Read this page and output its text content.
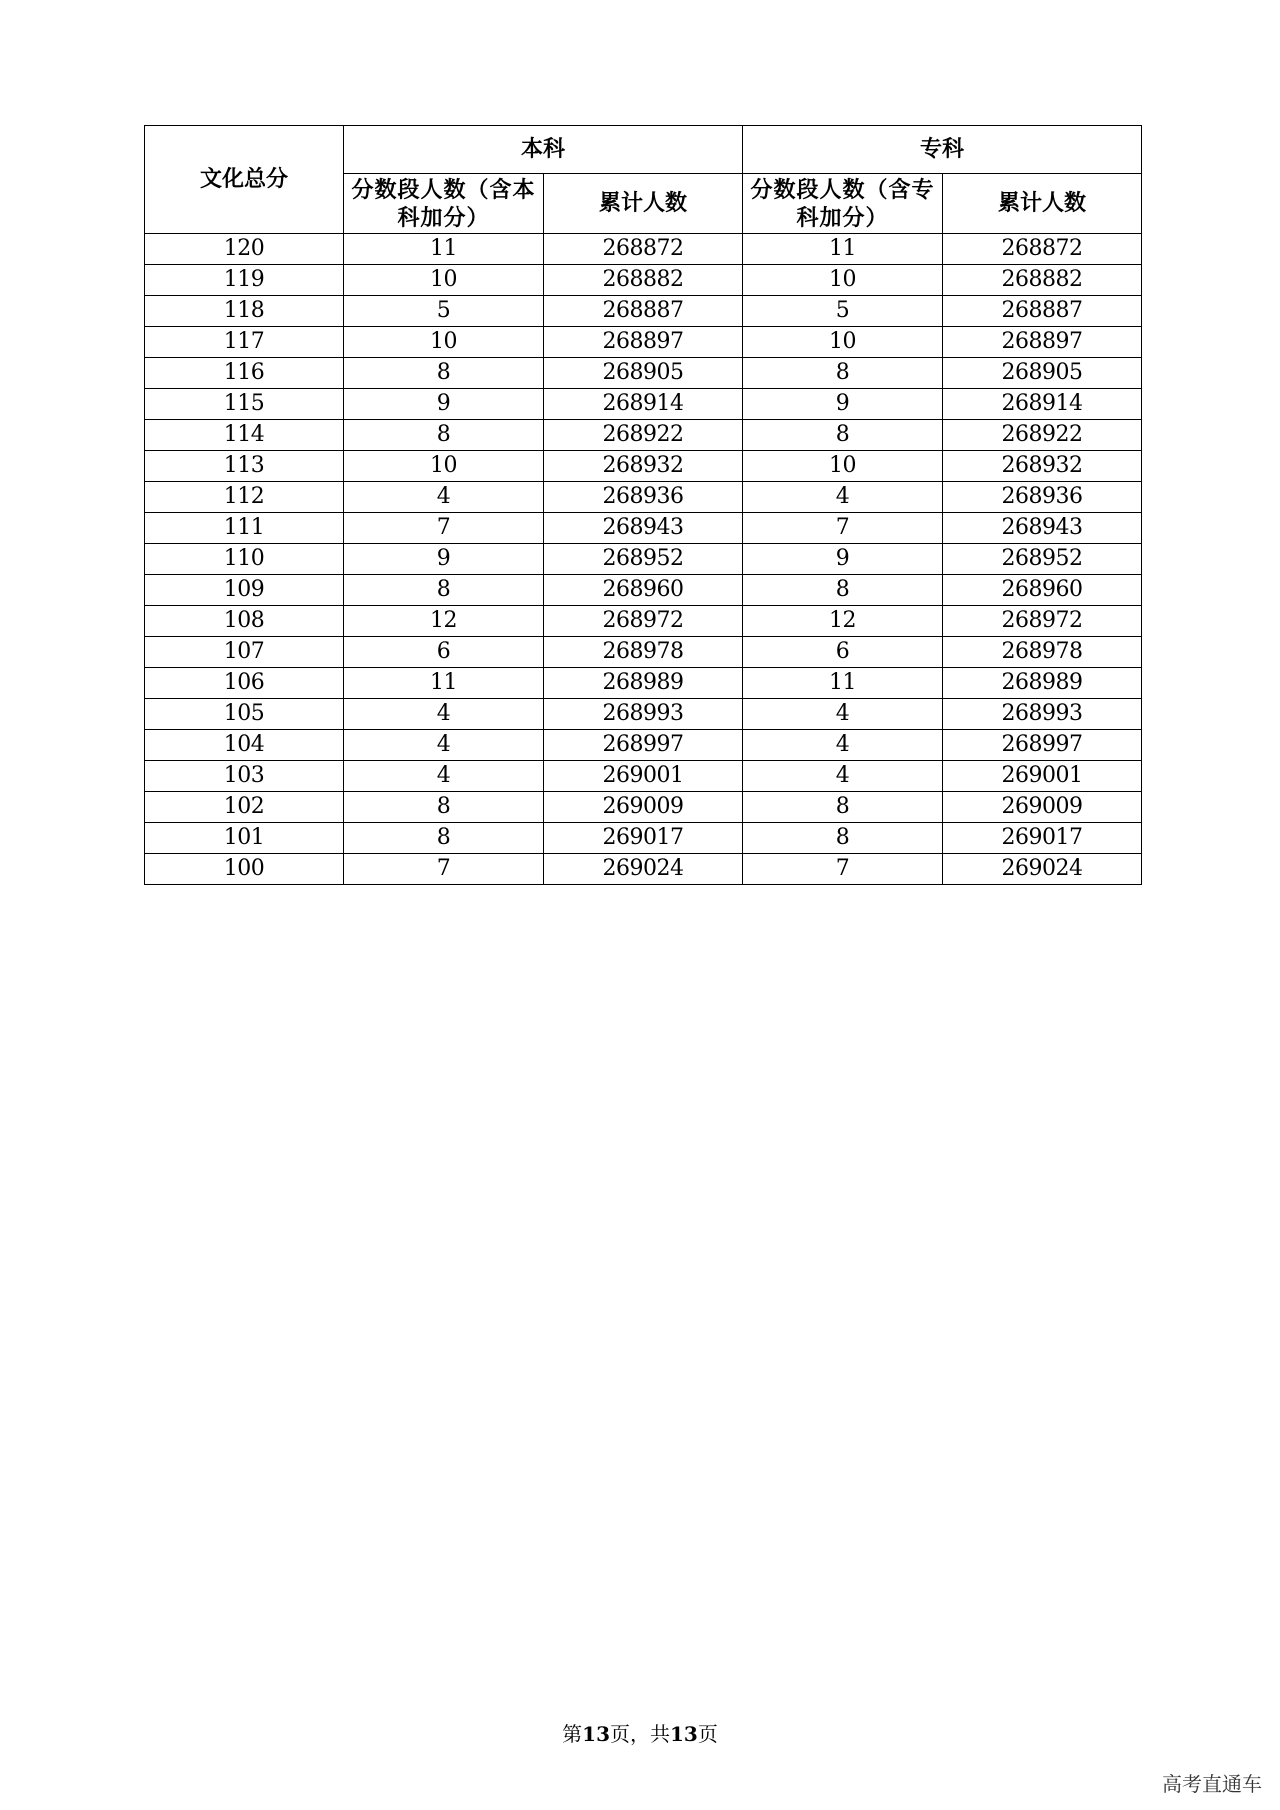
文化总分	本科		专科	

	分数段人数（含本科加分）	累计人数	分数段人数（含专科加分）	累计人数
120	11	268872	11	268872
119	10	268882	10	268882
118	5	268887	5	268887
117	10	268897	10	268897
116	8	268905	8	268905
115	9	268914	9	268914
114	8	268922	8	268922
113	10	268932	10	268932
112	4	268936	4	268936
111	7	268943	7	268943
110	9	268952	9	268952
109	8	268960	8	268960
108	12	268972	12	268972
107	6	268978	6	268978
106	11	268989	11	268989
105	4	268993	4	268993
104	4	268997	4	268997
103	4	269001	4	269001
102	8	269009	8	269009
101	8	269017	8	269017
100	7	269024	7	269024
第13页，共13页
高考直通车
